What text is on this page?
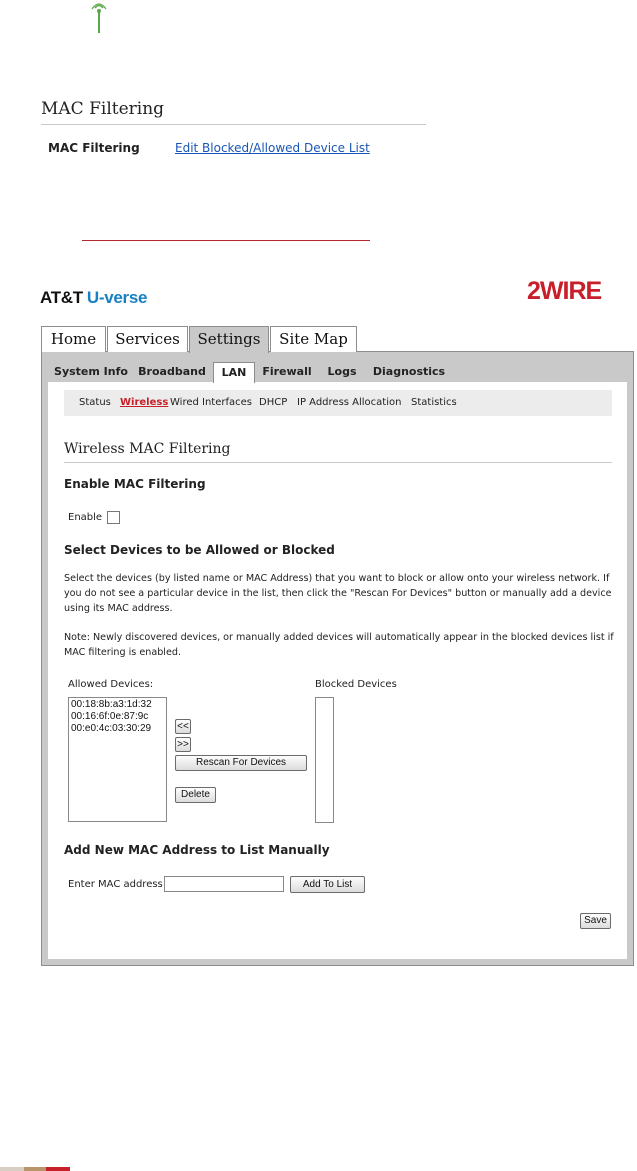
MAC Filtering
MAC Filtering	Edit Blocked/Allowed Device List
AT&T U-verse	2WIRE
Home	Services	Settings	Site Map
System Info Broadband	LAN	Firewall	Logs	Diagnostics
Status Wireless Wired Interfaces DHCP IP Address Allocation Statistics
Wireless MAC Filtering
Enable MAC Filtering
Enable
Select Devices to be Allowed or Blocked
Select the devices (by listed name or MAC Address) that you want to block or allow onto your wireless network. If you do not see a particular device in the list, then click the "Rescan For Devices" button or manually add a device using its MAC address.
Note: Newly discovered devices, or manually added devices will automatically appear in the blocked devices list if MAC filtering is enabled.
Allowed Devices:	Blocked Devices
00:18:8b:a3:1d:32
00:16:6f:0e:87:9c
00:e0:4c:03:30:29	<<
>>
Rescan For Devices
Delete
Add New MAC Address to List Manually
Enter MAC address	Add To List
Save
